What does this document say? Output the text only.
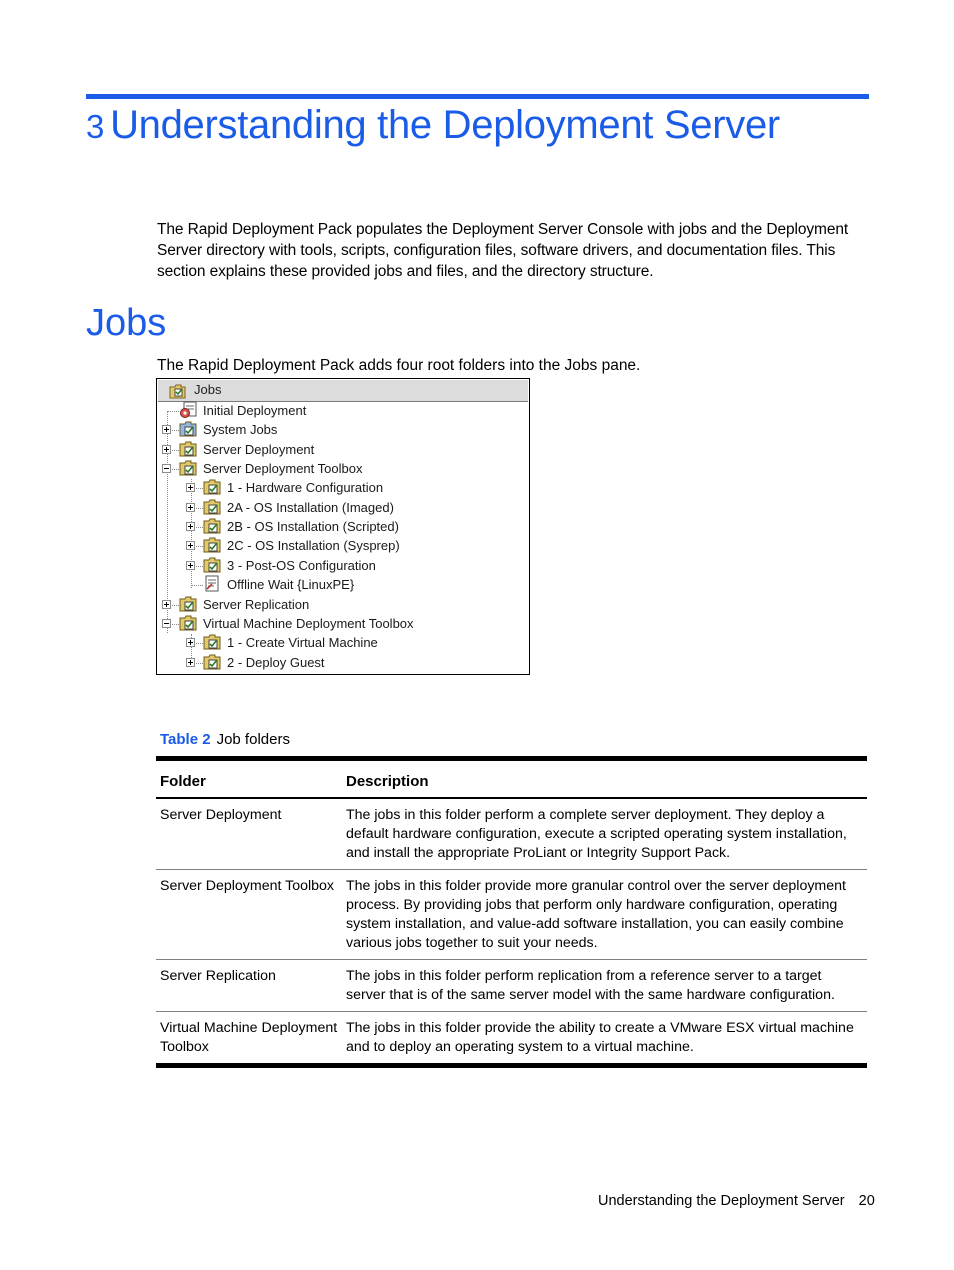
3 Understanding the Deployment Server

The Rapid Deployment Pack populates the Deployment Server Console with jobs and the Deployment Server directory with tools, scripts, configuration files, software drivers, and documentation files. This section explains these provided jobs and files, and the directory structure.

Jobs

The Rapid Deployment Pack adds four root folders into the Jobs pane.

Jobs
Initial Deployment
System Jobs
Server Deployment
Server Deployment Toolbox
1 - Hardware Configuration
2A - OS Installation (Imaged)
2B - OS Installation (Scripted)
2C - OS Installation (Sysprep)
3 - Post-OS Configuration
Offline Wait {LinuxPE}
Server Replication
Virtual Machine Deployment Toolbox
1 - Create Virtual Machine
2 - Deploy Guest

Table 2 Job folders

Folder	Description
Server Deployment	The jobs in this folder perform a complete server deployment. They deploy a default hardware configuration, execute a scripted operating system installation, and install the appropriate ProLiant or Integrity Support Pack.
Server Deployment Toolbox	The jobs in this folder provide more granular control over the server deployment process. By providing jobs that perform only hardware configuration, operating system installation, and value-add software installation, you can easily combine various jobs together to suit your needs.
Server Replication	The jobs in this folder perform replication from a reference server to a target server that is of the same server model with the same hardware configuration.
Virtual Machine Deployment Toolbox	The jobs in this folder provide the ability to create a VMware ESX virtual machine and to deploy an operating system to a virtual machine.
Understanding the Deployment Server 20
